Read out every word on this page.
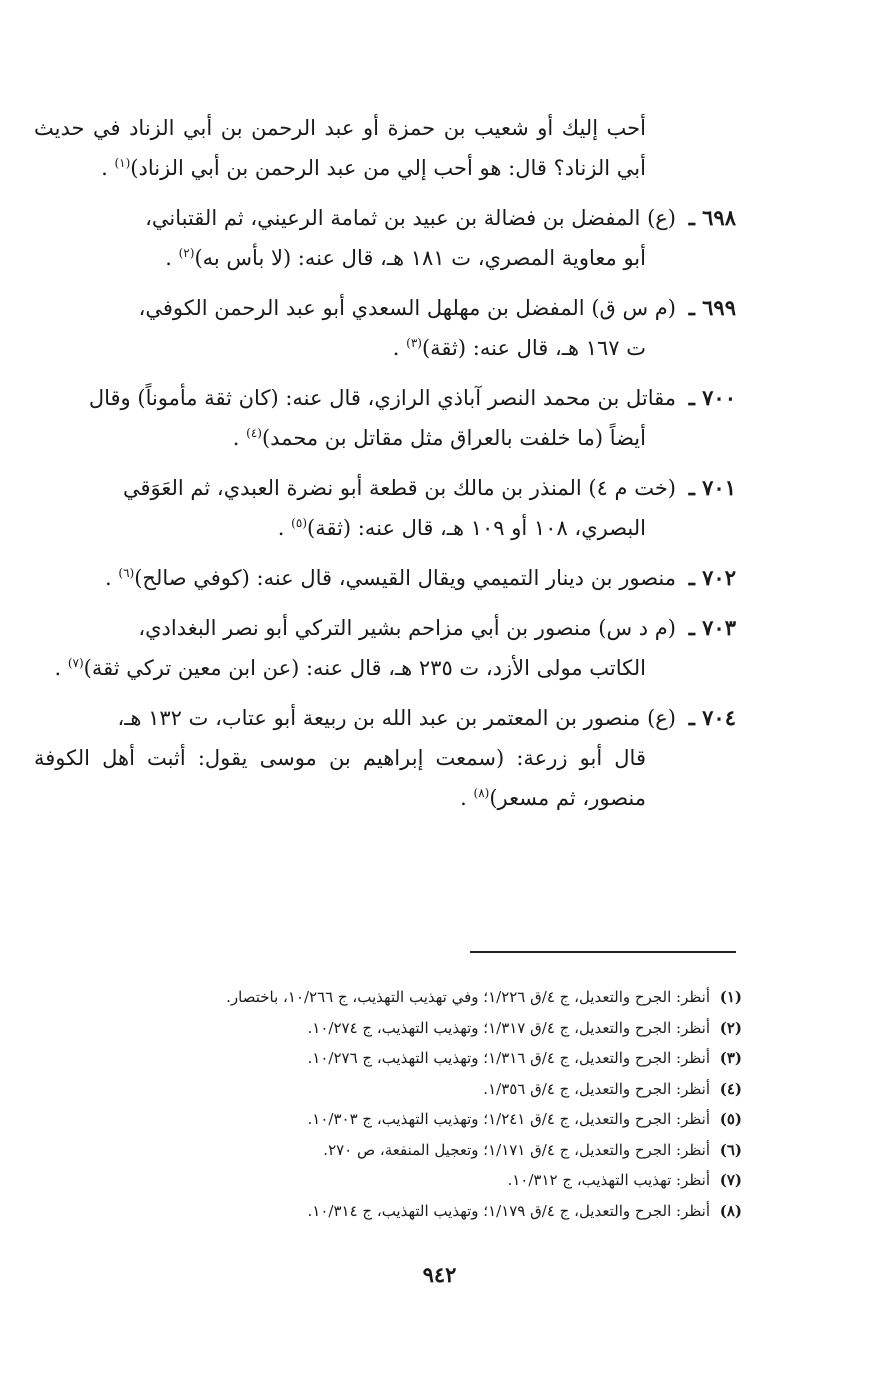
أحب إليك أو شعيب بن حمزة أو عبد الرحمن بن أبي الزناد في حديث أبي الزناد؟ قال: هو أحب إلي من عبد الرحمن بن أبي الزناد)$^{(١)}$ .

٦٩٨ ـ (ع) المفضل بن فضالة بن عبيد بن ثمامة الرعيني، ثم القتباني،
أبو معاوية المصري، ت ١٨١ هـ، قال عنه: (لا بأس به)$^{(٢)}$ .

٦٩٩ ـ (م س ق) المفضل بن مهلهل السعدي أبو عبد الرحمن الكوفي،
ت ١٦٧ هـ، قال عنه: (ثقة)$^{(٣)}$ .

٧٠٠ ـ مقاتل بن محمد النصر آباذي الرازي، قال عنه: (كان ثقة مأموناً) وقال
أيضاً (ما خلفت بالعراق مثل مقاتل بن محمد)$^{(٤)}$ .

٧٠١ ـ (خت م ٤) المنذر بن مالك بن قطعة أبو نضرة العبدي، ثم العَوَقي
البصري، ١٠٨ أو ١٠٩ هـ، قال عنه: (ثقة)$^{(٥)}$ .

٧٠٢ ـ منصور بن دينار التميمي ويقال القيسي، قال عنه: (كوفي صالح)$^{(٦)}$ .

٧٠٣ ـ (م د س) منصور بن أبي مزاحم بشير التركي أبو نصر البغدادي،
الكاتب مولى الأزد، ت ٢٣٥ هـ، قال عنه: (عن ابن معين تركي ثقة)$^{(٧)}$ .

٧٠٤ ـ (ع) منصور بن المعتمر بن عبد الله بن ربيعة أبو عتاب، ت ١٣٢ هـ،
قال أبو زرعة: (سمعت إبراهيم بن موسى يقول: أثبت أهل الكوفة منصور، ثم مسعر)$^{(٨)}$ .

(١)أنظر: الجرح والتعديل، ج ٤/ق ١/٢٢٦؛ وفي تهذيب التهذيب، ج ١٠/٢٦٦، باختصار.
(٢)أنظر: الجرح والتعديل، ج ٤/ق ١/٣١٧؛ وتهذيب التهذيب، ج ١٠/٢٧٤.
(٣)أنظر: الجرح والتعديل، ج ٤/ق ١/٣١٦؛ وتهذيب التهذيب، ج ١٠/٢٧٦.
(٤)أنظر: الجرح والتعديل، ج ٤/ق ١/٣٥٦.
(٥)أنظر: الجرح والتعديل، ج ٤/ق ١/٢٤١؛ وتهذيب التهذيب، ج ١٠/٣٠٣.
(٦)أنظر: الجرح والتعديل، ج ٤/ق ١/١٧١؛ وتعجيل المنفعة، ص ٢٧٠.
(٧)أنظر: تهذيب التهذيب، ج ١٠/٣١٢.
(٨)أنظر: الجرح والتعديل، ج ٤/ق ١/١٧٩؛ وتهذيب التهذيب، ج ١٠/٣١٤.
٩٤٢
